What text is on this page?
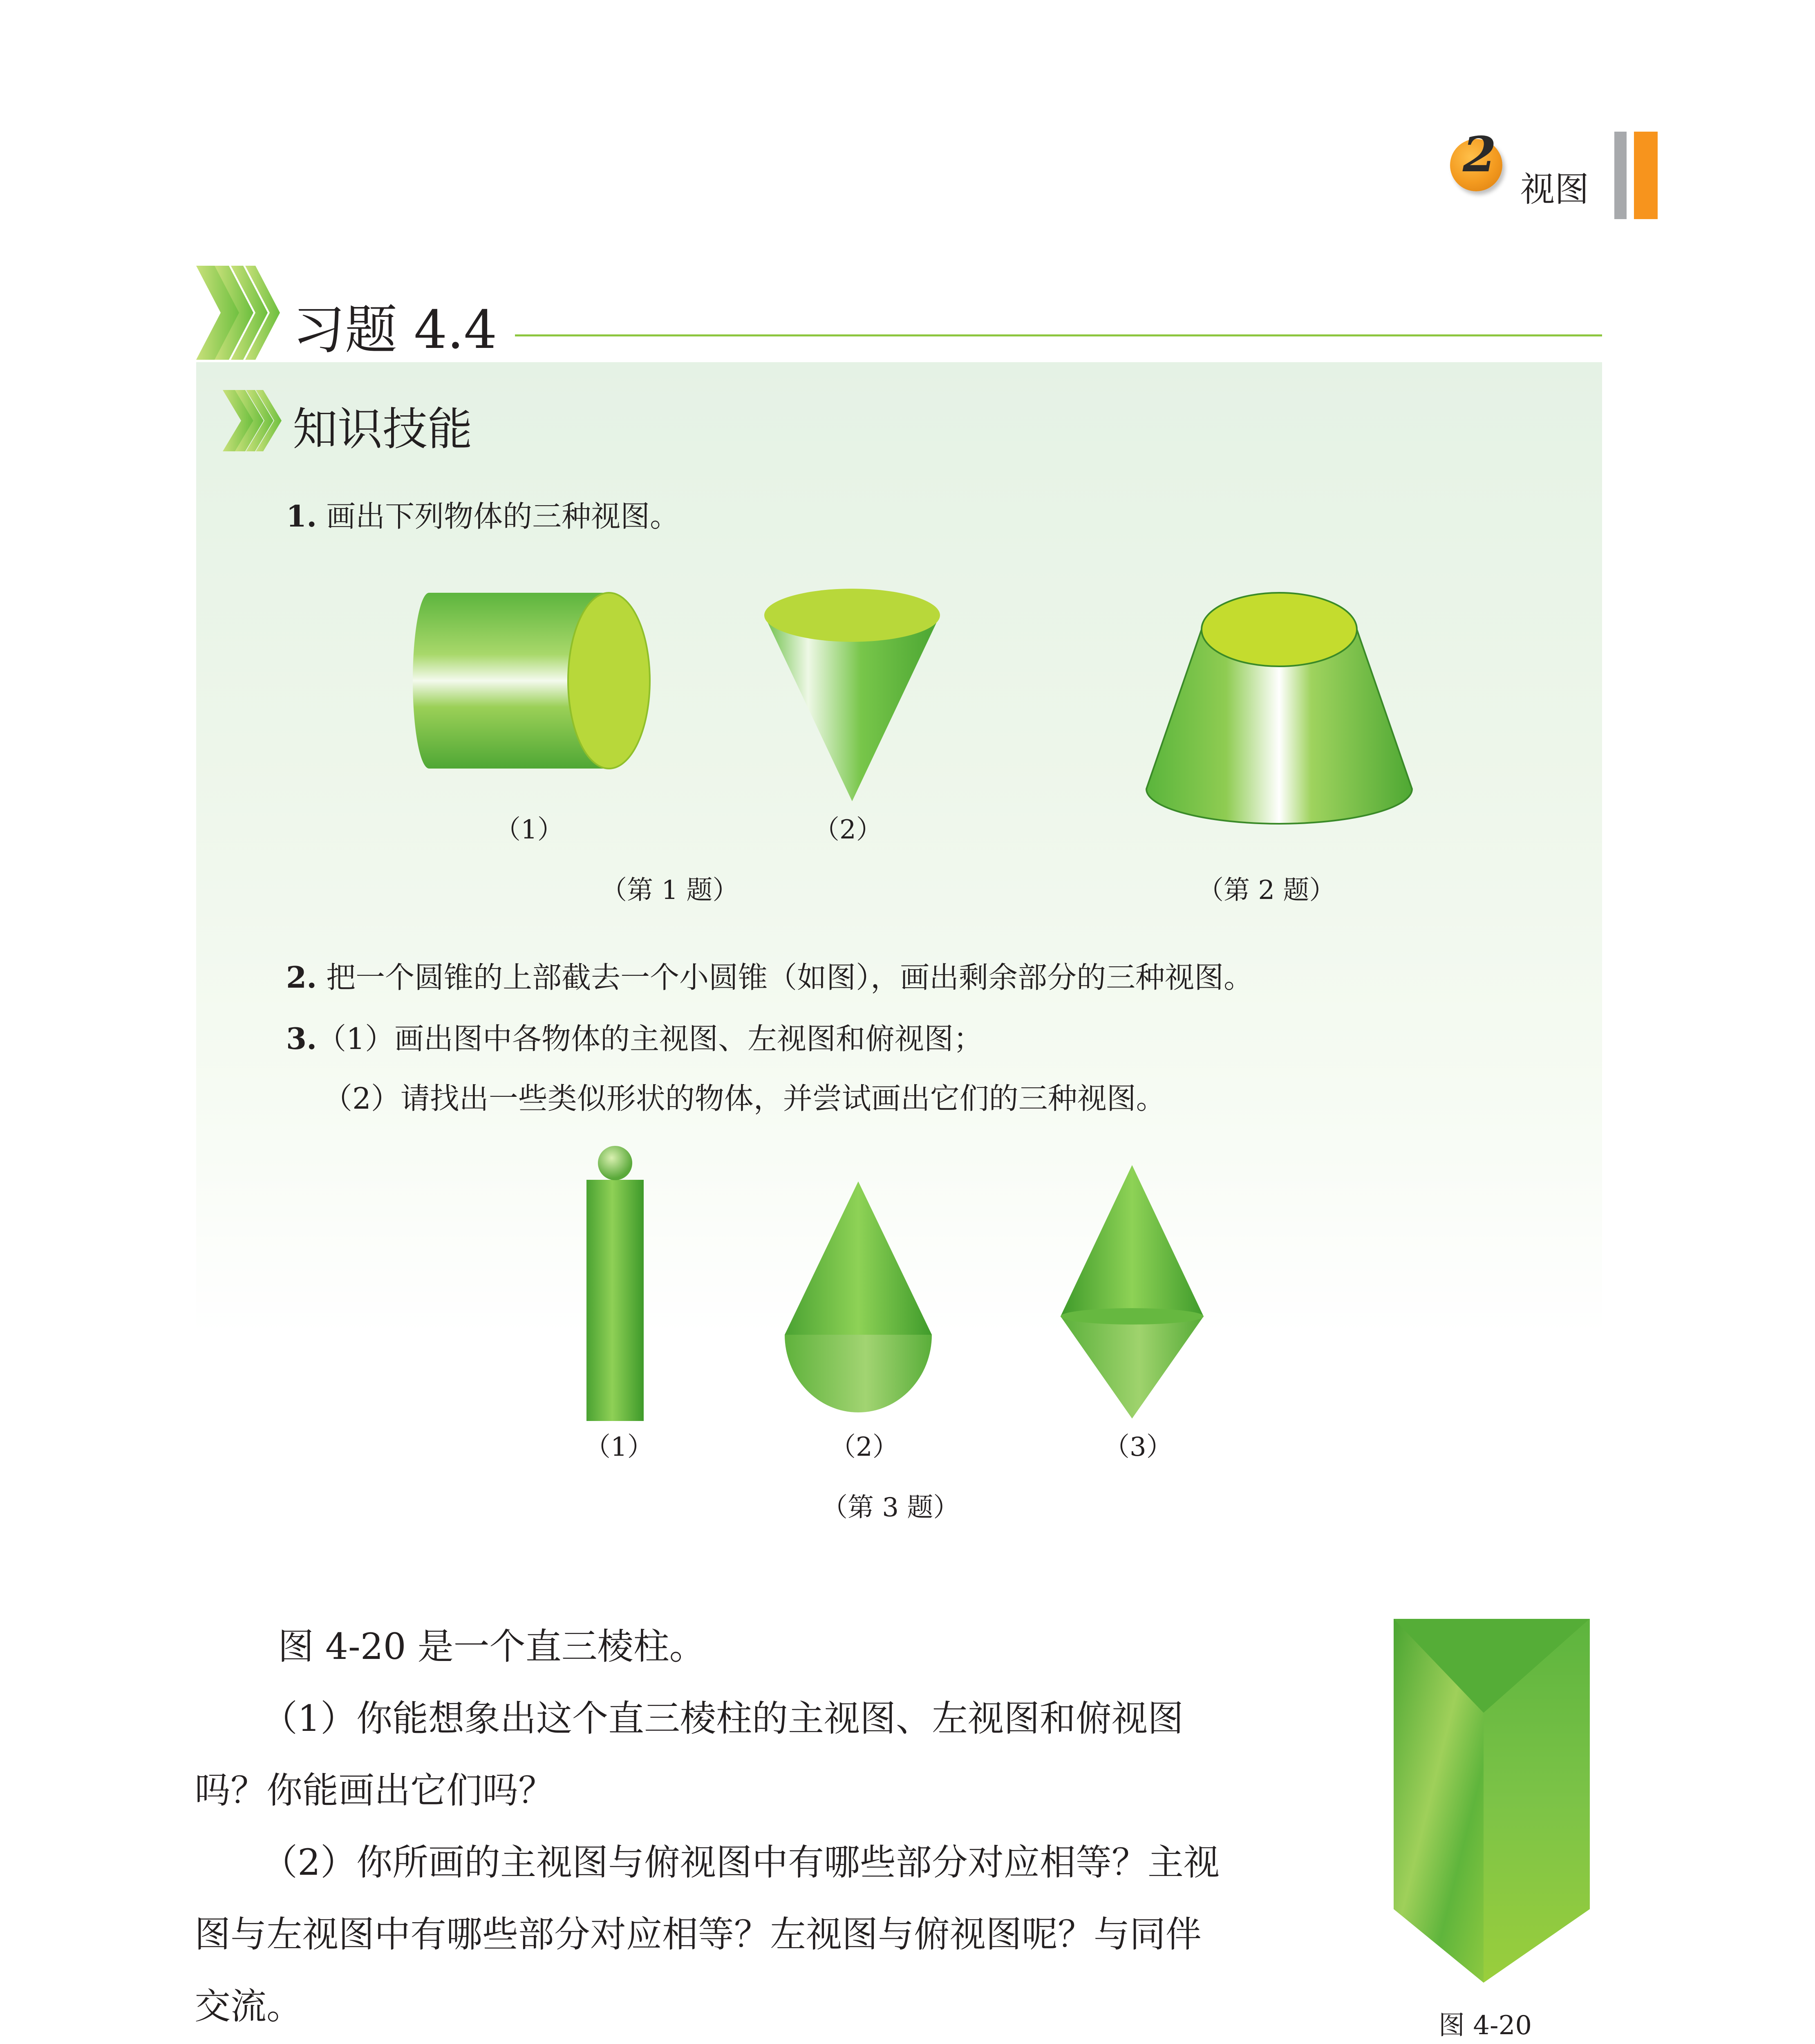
2
视图
习题 4.4
知识技能
1. 画出下列物体的三种视图。
（1）	（2）
（第 1 题）	（第 2 题）
2. 把一个圆锥的上部截去一个小圆锥（如图），画出剩余部分的三种视图。
3.（1）画出图中各物体的主视图、左视图和俯视图；
（2）请找出一些类似形状的物体，并尝试画出它们的三种视图。
（1）	（2）	（3）
（第 3 题）
图 4-20 是一个直三棱柱。
（1）你能想象出这个直三棱柱的主视图、左视图和俯视图
吗？你能画出它们吗？
（2）你所画的主视图与俯视图中有哪些部分对应相等？主视
图与左视图中有哪些部分对应相等？左视图与俯视图呢？与同伴
交流。	图 4-20
